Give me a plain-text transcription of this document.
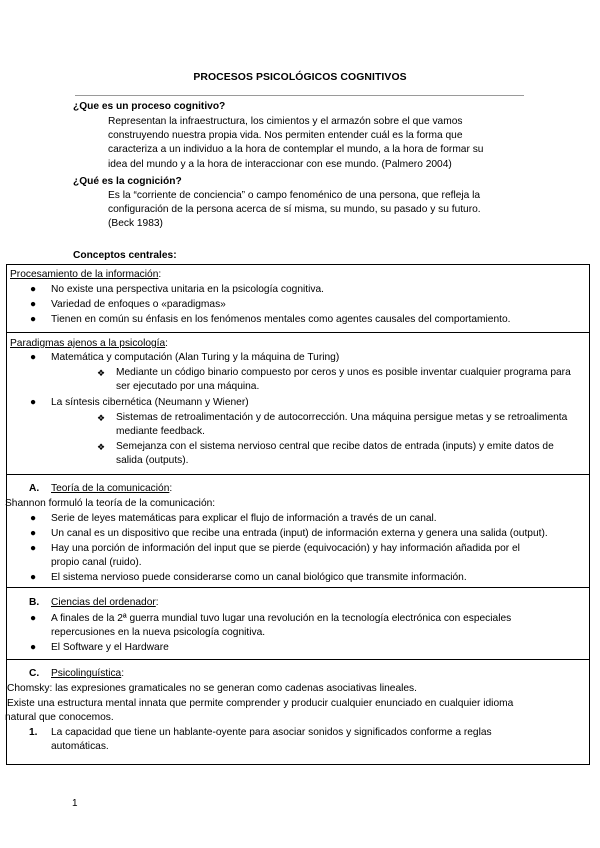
PROCESOS PSICOLÓGICOS COGNITIVOS
¿Que es un proceso cognitivo?
Representan la infraestructura, los cimientos y el armazón sobre el que vamos
construyendo nuestra propia vida. Nos permiten entender cuál es la forma que
caracteriza a un individuo a la hora de contemplar el mundo, a la hora de formar su
idea del mundo y a la hora de interaccionar con ese mundo. (Palmero 2004)
¿Qué es la cognición?
Es la “corriente de conciencia” o campo fenoménico de una persona, que refleja la
configuración de la persona acerca de sí misma, su mundo, su pasado y su futuro.
(Beck 1983)
Conceptos centrales:
Procesamiento de la información:
● No existe una perspectiva unitaria en la psicología cognitiva.
● Variedad de enfoques o «paradigmas»
● Tienen en común su énfasis en los fenómenos mentales como agentes causales del comportamiento.
Paradigmas ajenos a la psicología:
● Matemática y computación (Alan Turing y la máquina de Turing)
❖ Mediante un código binario compuesto por ceros y unos es posible inventar cualquier programa para
ser ejecutado por una máquina.
● La síntesis cibernética (Neumann y Wiener)
❖ Sistemas de retroalimentación y de autocorrección. Una máquina persigue metas y se retroalimenta
mediante feedback.
❖ Semejanza con el sistema nervioso central que recibe datos de entrada (inputs) y emite datos de
salida (outputs).
A. Teoría de la comunicación:
Shannon formuló la teoría de la comunicación:
● Serie de leyes matemáticas para explicar el flujo de información a través de un canal.
● Un canal es un dispositivo que recibe una entrada (input) de información externa y genera una salida (output).
● Hay una porción de información del input que se pierde (equivocación) y hay información añadida por el
propio canal (ruido).
● El sistema nervioso puede considerarse como un canal biológico que transmite información.
B. Ciencias del ordenador:
● A finales de la 2ª guerra mundial tuvo lugar una revolución en la tecnología electrónica con especiales
repercusiones en la nueva psicología cognitiva.
● El Software y el Hardware
C. Psicolinguística:
Chomsky: las expresiones gramaticales no se generan como cadenas asociativas lineales.
Existe una estructura mental innata que permite comprender y producir cualquier enunciado en cualquier idioma
natural que conocemos.
1. La capacidad que tiene un hablante-oyente para asociar sonidos y significados conforme a reglas
automáticas.
1
